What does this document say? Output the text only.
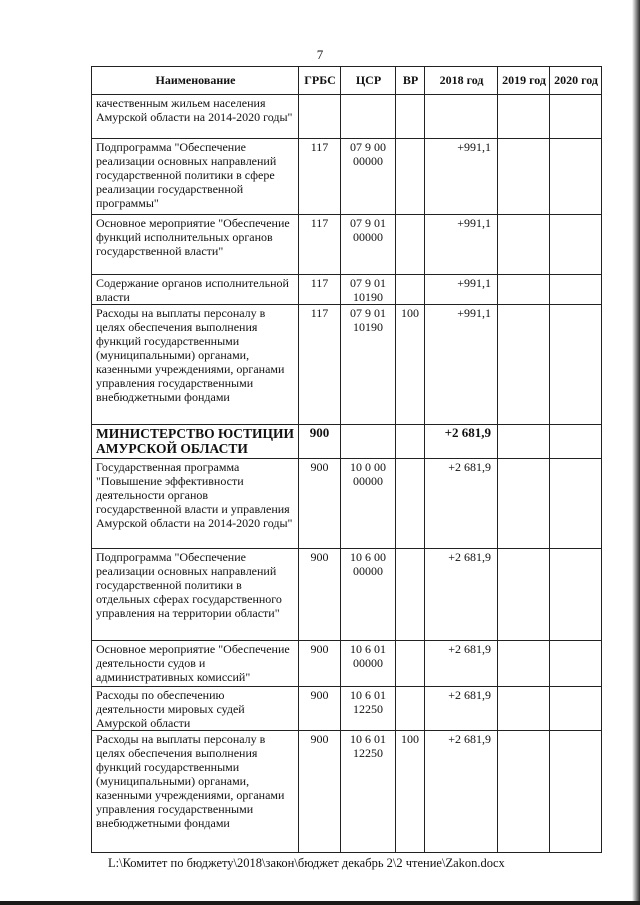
7
Наименование	ГРБС	ЦСР	ВР	2018 год	2019 год	2020 год
качественным жильем населения Амурской области на 2014-2020 годы"						
Подпрограмма "Обеспечение реализации основных направлений государственной политики в сфере реализации государственной программы"	117	07 9 00 00000		+991,1		
Основное мероприятие "Обеспечение функций исполнительных органов государственной власти"	117	07 9 01 00000		+991,1		
Содержание органов исполнительной власти	117	07 9 01 10190		+991,1		
Расходы на выплаты персоналу в целях обеспечения выполнения функций государственными (муниципальными) органами, казенными учреждениями, органами управления государственными внебюджетными фондами	117	07 9 01 10190	100	+991,1		
МИНИСТЕРСТВО ЮСТИЦИИ АМУРСКОЙ ОБЛАСТИ	900			+2 681,9		
Государственная программа "Повышение эффективности деятельности органов государственной власти и управления Амурской области на 2014-2020 годы"	900	10 0 00 00000		+2 681,9		
Подпрограмма "Обеспечение реализации основных направлений государственной политики в отдельных сферах государственного управления на территории области"	900	10 6 00 00000		+2 681,9		
Основное мероприятие "Обеспечение деятельности судов и административных комиссий"	900	10 6 01 00000		+2 681,9		
Расходы по обеспечению деятельности мировых судей Амурской области	900	10 6 01 12250		+2 681,9		
Расходы на выплаты персоналу в целях обеспечения выполнения функций государственными (муниципальными) органами, казенными учреждениями, органами управления государственными внебюджетными фондами	900	10 6 01 12250	100	+2 681,9		
L:\Комитет по бюджету\2018\закон\бюджет декабрь 2\2 чтение\Zakon.docx
